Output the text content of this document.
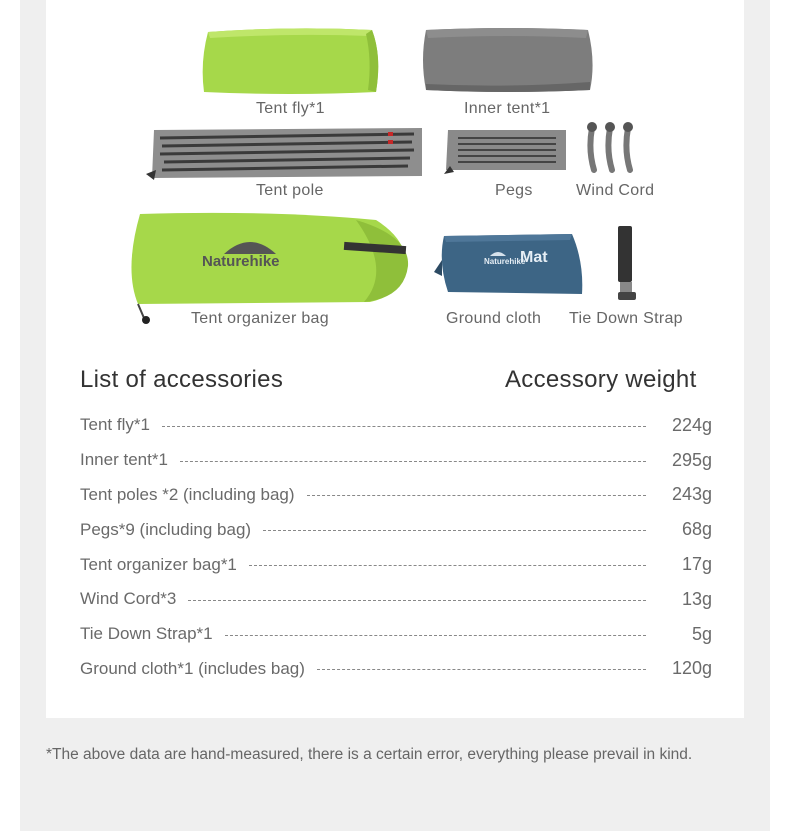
Tent fly*1	Inner tent*1
Tent pole	Pegs	Wind Cord
Naturehike
Tent organizer bag
Naturehike
Mat
Ground cloth Tie Down Strap
List of accessories	Accessory weight
Tent fly*1	224g
Inner tent*1	295g
Tent poles *2 (including bag)	243g
Pegs*9 (including bag)	68g
Tent organizer bag*1	17g
Wind Cord*3	13g
Tie Down Strap*1	5g
Ground cloth*1 (includes bag)	120g
*The above data are hand-measured, there is a certain error, everything please prevail in kind.
